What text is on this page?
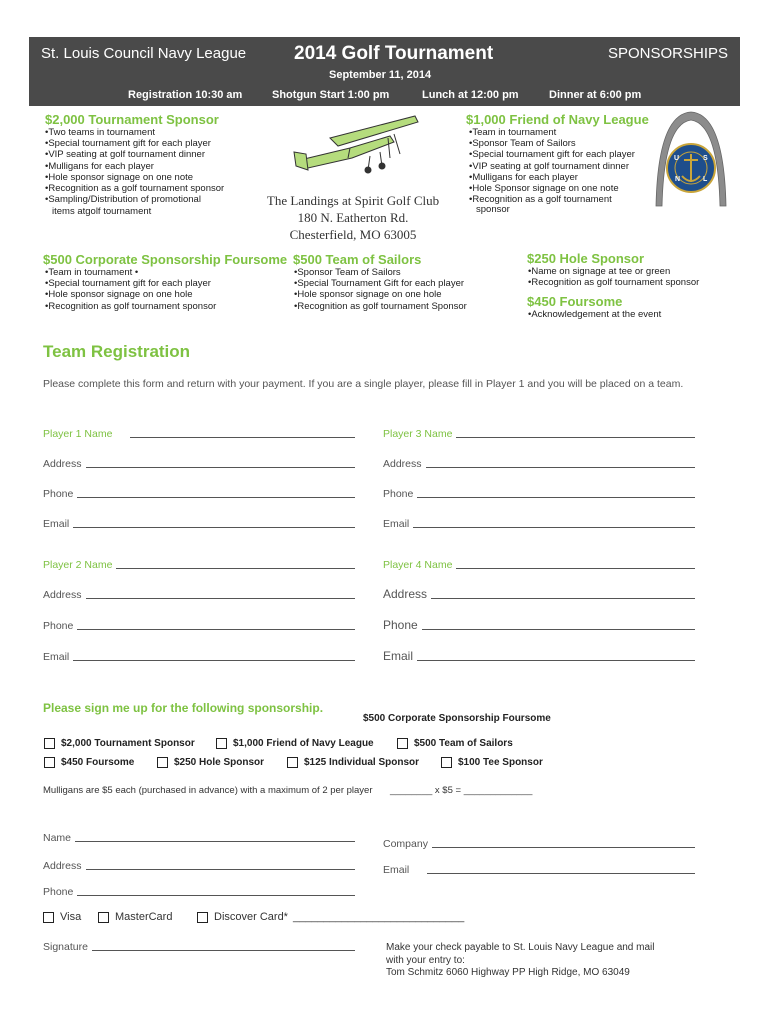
St. Louis Council Navy League	2014 Golf Tournament	SPONSORSHIPS
September 11, 2014
Registration 10:30 am	Shotgun Start 1:00 pm	Lunch at 12:00 pm	Dinner at 6:00 pm
$2,000 Tournament Sponsor
• Two teams in tournament
• Special tournament gift for each player
• VIP seating at golf tournament dinner
• Mulligans for each player
• Hole sponsor signage on one note
• Recognition as a golf tournament sponsor
• Sampling/Distribution of promotional
items atgolf tournament
The Landings at Spirit Golf Club
180 N. Eatherton Rd.
Chesterfield, MO 63005
$1,000 Friend of Navy League
• Team in tournament
• Sponsor Team of Sailors
• Special tournament gift for each player
• VIP seating at golf tournament dinner
• Mulligans for each player
• Hole Sponsor signage on one note
• Recognition as a golf tournament
sponsor
U	S
N	L
$500 Corporate Sponsorship Foursome
• Team in tournament •
• Special tournament gift for each player
• Hole sponsor signage on one hole
• Recognition as golf tournament sponsor
$500 Team of Sailors
• Sponsor Team of Sailors
• Special Tournament Gift for each player
• Hole sponsor signage on one hole
• Recognition as golf tournament Sponsor
$250 Hole Sponsor
• Name on signage at tee or green
• Recognition as golf tournament sponsor
$450 Foursome
• Acknowledgement at the event
Team Registration
Please complete this form and return with your payment. If you are a single player, please fill in Player 1 and you will be placed on a team.
Player 1 Name
Address
Phone
Email
Player 3 Name
Address
Phone
Email
Player 2 Name
Address
Phone
Email
Player 4 Name
Address
Phone
Email
Please sign me up for the following sponsorship.
$500 Corporate Sponsorship Foursome
$2,000 Tournament Sponsor	$1,000 Friend of Navy League	$500 Team of Sailors
$450 Foursome	$250 Hole Sponsor	$125 Individual Sponsor	$100 Tee Sponsor
Mulligans are $5 each (purchased in advance) with a maximum of 2 per player ________ x $5 = _____________
Name	Company
Address	Email
Phone
Visa	MasterCard	Discover Card* ____________________________
Signature	Make your check payable to St. Louis Navy League and mail
with your entry to:
Tom Schmitz 6060 Highway PP High Ridge, MO 63049
